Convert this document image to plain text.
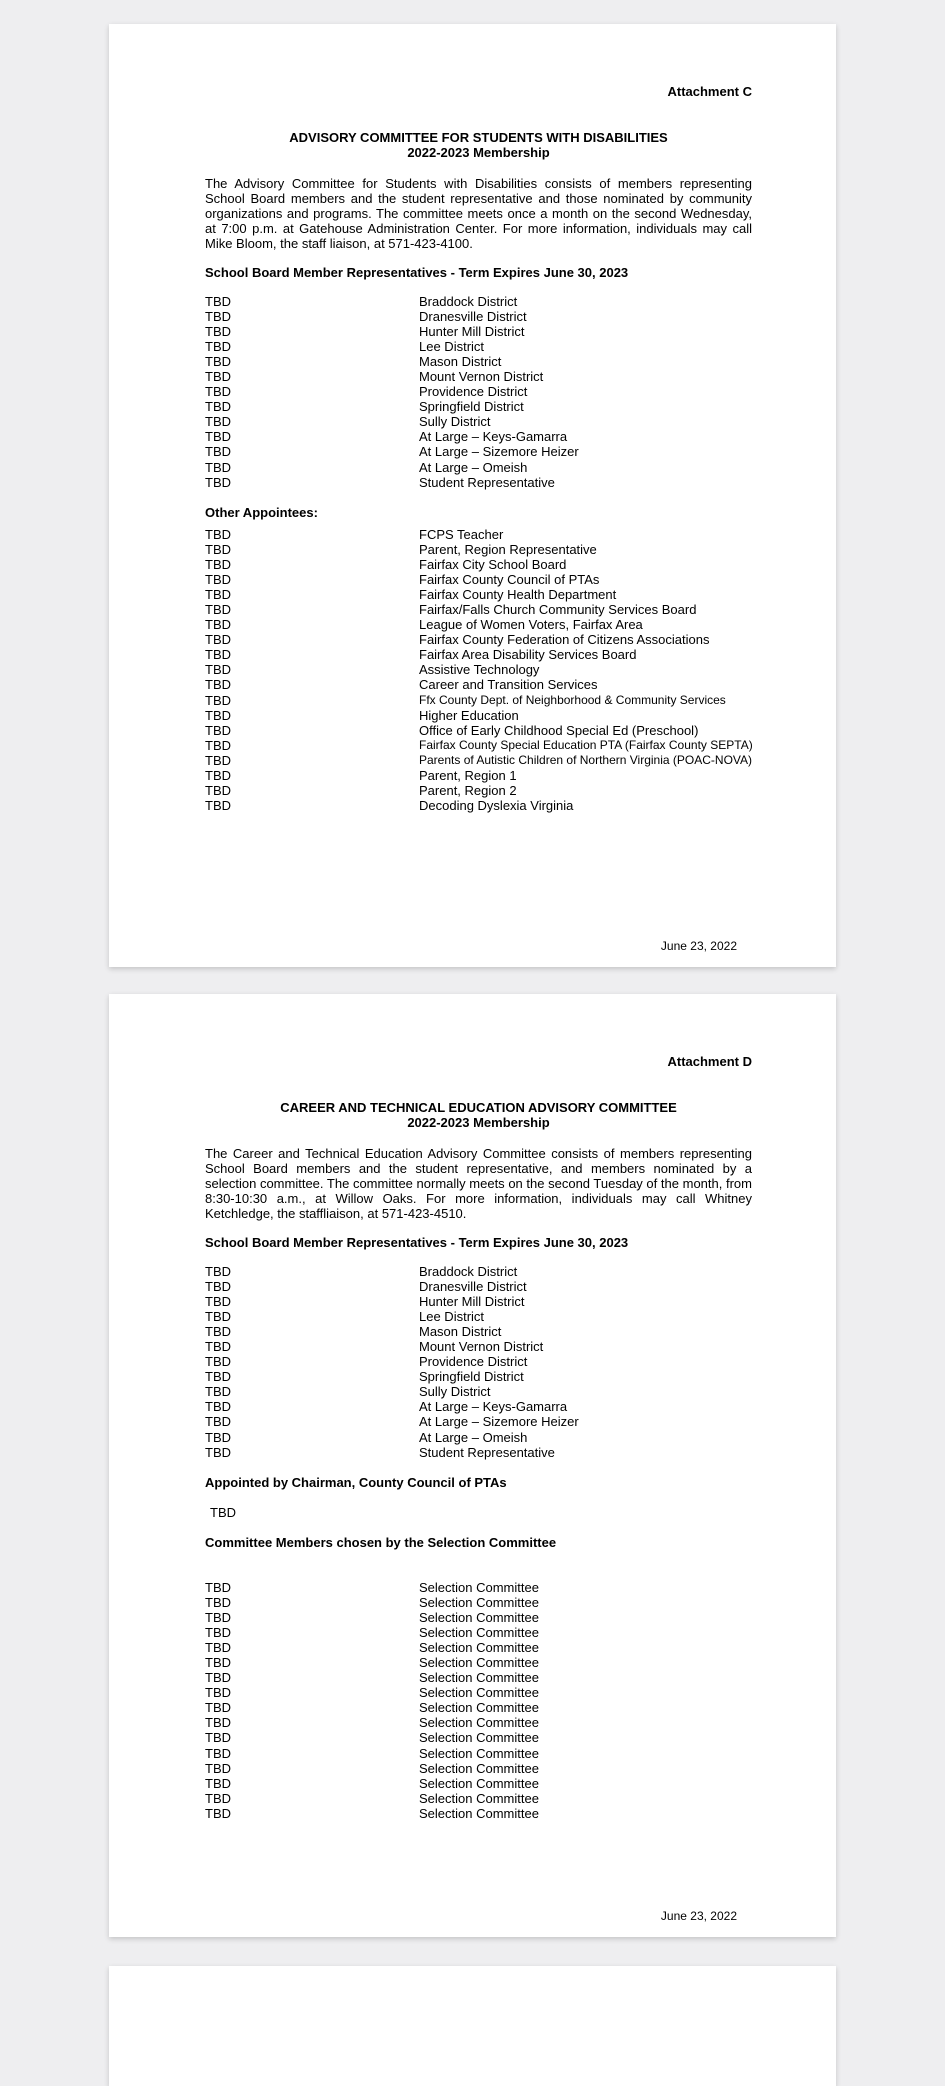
Attachment C
ADVISORY COMMITTEE FOR STUDENTS WITH DISABILITIES
2022-2023 Membership
The Advisory Committee for Students with Disabilities consists of members representing School Board members and the student representative and those nominated by community organizations and programs. The committee meets once a month on the second Wednesday, at 7:00 p.m. at Gatehouse Administration Center. For more information, individuals may call Mike Bloom, the staff liaison, at 571-423-4100.
School Board Member Representatives - Term Expires June 30, 2023
TBD	Braddock District
TBD	Dranesville District
TBD	Hunter Mill District
TBD	Lee District
TBD	Mason District
TBD	Mount Vernon District
TBD	Providence District
TBD	Springfield District
TBD	Sully District
TBD	At Large – Keys-Gamarra
TBD	At Large – Sizemore Heizer
TBD	At Large – Omeish
TBD	Student Representative
Other Appointees:
TBD	FCPS Teacher
TBD	Parent, Region Representative
TBD	Fairfax City School Board
TBD	Fairfax County Council of PTAs
TBD	Fairfax County Health Department
TBD	Fairfax/Falls Church Community Services Board
TBD	League of Women Voters, Fairfax Area
TBD	Fairfax County Federation of Citizens Associations
TBD	Fairfax Area Disability Services Board
TBD	Assistive Technology
TBD	Career and Transition Services
TBD	Ffx County Dept. of Neighborhood & Community Services
TBD	Higher Education
TBD	Office of Early Childhood Special Ed (Preschool)
TBD	Fairfax County Special Education PTA (Fairfax County SEPTA)
TBD	Parents of Autistic Children of Northern Virginia (POAC-NOVA)
TBD	Parent, Region 1
TBD	Parent, Region 2
TBD	Decoding Dyslexia Virginia
June 23, 2022
Attachment D
CAREER AND TECHNICAL EDUCATION ADVISORY COMMITTEE
2022-2023 Membership
The Career and Technical Education Advisory Committee consists of members representing School Board members and the student representative, and members nominated by a selection committee. The committee normally meets on the second Tuesday of the month, from 8:30-10:30 a.m., at Willow Oaks. For more information, individuals may call Whitney Ketchledge, the staffliaison, at 571-423-4510.
School Board Member Representatives - Term Expires June 30, 2023
TBD	Braddock District
TBD	Dranesville District
TBD	Hunter Mill District
TBD	Lee District
TBD	Mason District
TBD	Mount Vernon District
TBD	Providence District
TBD	Springfield District
TBD	Sully District
TBD	At Large – Keys-Gamarra
TBD	At Large – Sizemore Heizer
TBD	At Large – Omeish
TBD	Student Representative
Appointed by Chairman, County Council of PTAs
TBD
Committee Members chosen by the Selection Committee
TBD	Selection Committee
TBD	Selection Committee
TBD	Selection Committee
TBD	Selection Committee
TBD	Selection Committee
TBD	Selection Committee
TBD	Selection Committee
TBD	Selection Committee
TBD	Selection Committee
TBD	Selection Committee
TBD	Selection Committee
TBD	Selection Committee
TBD	Selection Committee
TBD	Selection Committee
TBD	Selection Committee
TBD	Selection Committee
June 23, 2022
